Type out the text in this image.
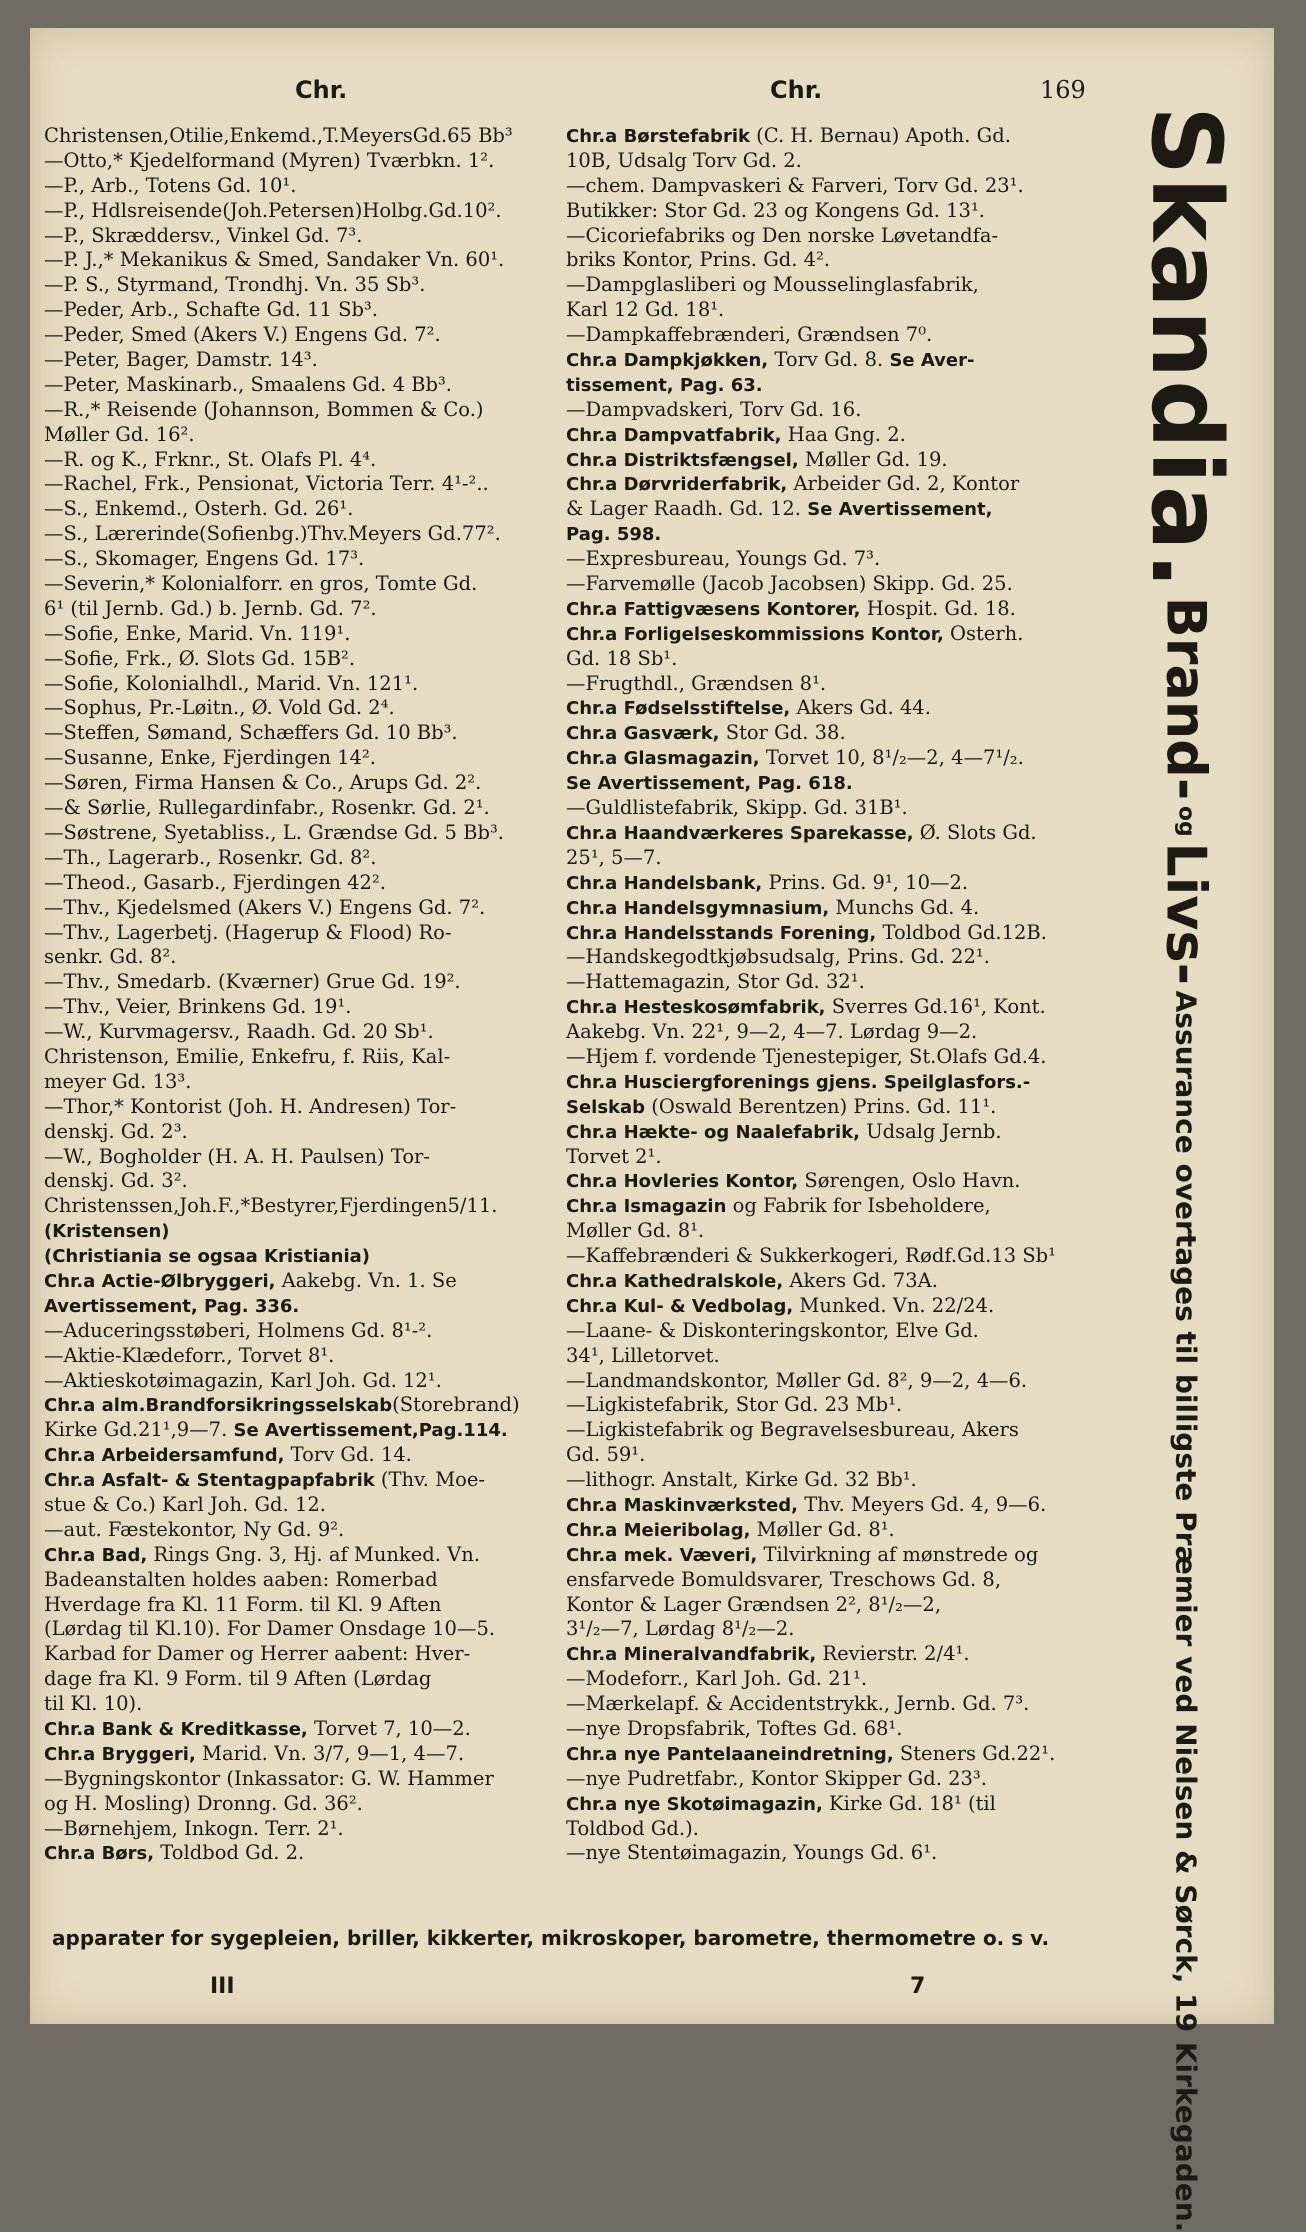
Chr.	Chr.	169
Christensen,Otilie,Enkemd.,T.MeyersGd.65 Bb³
—Otto,* Kjedelformand (Myren) Tværbkn. 1².
—P., Arb., Totens Gd. 10¹.
—P., Hdlsreisende(Joh.Petersen)Holbg.Gd.10².
—P., Skræddersv., Vinkel Gd. 7³.
—P. J.,* Mekanikus & Smed, Sandaker Vn. 60¹.
—P. S., Styrmand, Trondhj. Vn. 35 Sb³.
—Peder, Arb., Schafte Gd. 11 Sb³.
—Peder, Smed (Akers V.) Engens Gd. 7².
—Peter, Bager, Damstr. 14³.
—Peter, Maskinarb., Smaalens Gd. 4 Bb³.
—R.,* Reisende (Johannson, Bommen & Co.)
Møller Gd. 16².
—R. og K., Frknr., St. Olafs Pl. 4⁴.
—Rachel, Frk., Pensionat, Victoria Terr. 4¹-²..
—S., Enkemd., Osterh. Gd. 26¹.
—S., Lærerinde(Sofienbg.)Thv.Meyers Gd.77².
—S., Skomager, Engens Gd. 17³.
—Severin,* Kolonialforr. en gros, Tomte Gd.
6¹ (til Jernb. Gd.) b. Jernb. Gd. 7².
—Sofie, Enke, Marid. Vn. 119¹.
—Sofie, Frk., Ø. Slots Gd. 15B².
—Sofie, Kolonialhdl., Marid. Vn. 121¹.
—Sophus, Pr.-Løitn., Ø. Vold Gd. 2⁴.
—Steffen, Sømand, Schæffers Gd. 10 Bb³.
—Susanne, Enke, Fjerdingen 14².
—Søren, Firma Hansen & Co., Arups Gd. 2².
—& Sørlie, Rullegardinfabr., Rosenkr. Gd. 2¹.
—Søstrene, Syetabliss., L. Grændse Gd. 5 Bb³.
—Th., Lagerarb., Rosenkr. Gd. 8².
—Theod., Gasarb., Fjerdingen 42².
—Thv., Kjedelsmed (Akers V.) Engens Gd. 7².
—Thv., Lagerbetj. (Hagerup & Flood) Ro-
senkr. Gd. 8².
—Thv., Smedarb. (Kværner) Grue Gd. 19².
—Thv., Veier, Brinkens Gd. 19¹.
—W., Kurvmagersv., Raadh. Gd. 20 Sb¹.
Christenson, Emilie, Enkefru, f. Riis, Kal-
meyer Gd. 13³.
—Thor,* Kontorist (Joh. H. Andresen) Tor-
denskj. Gd. 2³.
—W., Bogholder (H. A. H. Paulsen) Tor-
denskj. Gd. 3².
Christenssen,Joh.F.,*Bestyrer,Fjerdingen5/11.
(Kristensen)
(Christiania se ogsaa Kristiania)
Chr.a Actie-Ølbryggeri, Aakebg. Vn. 1. Se
Avertissement, Pag. 336.
—Aduceringsstøberi, Holmens Gd. 8¹-².
—Aktie-Klædeforr., Torvet 8¹.
—Aktieskotøimagazin, Karl Joh. Gd. 12¹.
Chr.a alm.Brandforsikringsselskab(Storebrand)
Kirke Gd.21¹,9—7. Se Avertissement,Pag.114.
Chr.a Arbeidersamfund, Torv Gd. 14.
Chr.a Asfalt- & Stentagpapfabrik (Thv. Moe-
stue & Co.) Karl Joh. Gd. 12.
—aut. Fæstekontor, Ny Gd. 9².
Chr.a Bad, Rings Gng. 3, Hj. af Munked. Vn.
Badeanstalten holdes aaben: Romerbad
Hverdage fra Kl. 11 Form. til Kl. 9 Aften
(Lørdag til Kl.10). For Damer Onsdage 10—5.
Karbad for Damer og Herrer aabent: Hver-
dage fra Kl. 9 Form. til 9 Aften (Lørdag
til Kl. 10).
Chr.a Bank & Kreditkasse, Torvet 7, 10—2.
Chr.a Bryggeri, Marid. Vn. 3/7, 9—1, 4—7.
—Bygningskontor (Inkassator: G. W. Hammer
og H. Mosling) Dronng. Gd. 36².
—Børnehjem, Inkogn. Terr. 2¹.
Chr.a Børs, Toldbod Gd. 2.
Chr.a Børstefabrik (C. H. Bernau) Apoth. Gd.
10B, Udsalg Torv Gd. 2.
—chem. Dampvaskeri & Farveri, Torv Gd. 23¹.
Butikker: Stor Gd. 23 og Kongens Gd. 13¹.
—Cicoriefabriks og Den norske Løvetandfa-
briks Kontor, Prins. Gd. 4².
—Dampglasliberi og Mousselinglasfabrik,
Karl 12 Gd. 18¹.
—Dampkaffebrænderi, Grændsen 7⁰.
Chr.a Dampkjøkken, Torv Gd. 8. Se Aver-
tissement, Pag. 63.
—Dampvadskeri, Torv Gd. 16.
Chr.a Dampvatfabrik, Haa Gng. 2.
Chr.a Distriktsfængsel, Møller Gd. 19.
Chr.a Dørvriderfabrik, Arbeider Gd. 2, Kontor
& Lager Raadh. Gd. 12. Se Avertissement,
Pag. 598.
—Expresbureau, Youngs Gd. 7³.
—Farvemølle (Jacob Jacobsen) Skipp. Gd. 25.
Chr.a Fattigvæsens Kontorer, Hospit. Gd. 18.
Chr.a Forligelseskommissions Kontor, Osterh.
Gd. 18 Sb¹.
—Frugthdl., Grændsen 8¹.
Chr.a Fødselsstiftelse, Akers Gd. 44.
Chr.a Gasværk, Stor Gd. 38.
Chr.a Glasmagazin, Torvet 10, 8¹/₂—2, 4—7¹/₂.
Se Avertissement, Pag. 618.
—Guldlistefabrik, Skipp. Gd. 31B¹.
Chr.a Haandværkeres Sparekasse, Ø. Slots Gd.
25¹, 5—7.
Chr.a Handelsbank, Prins. Gd. 9¹, 10—2.
Chr.a Handelsgymnasium, Munchs Gd. 4.
Chr.a Handelsstands Forening, Toldbod Gd.12B.
—Handskegodtkjøbsudsalg, Prins. Gd. 22¹.
—Hattemagazin, Stor Gd. 32¹.
Chr.a Hesteskosømfabrik, Sverres Gd.16¹, Kont.
Aakebg. Vn. 22¹, 9—2, 4—7. Lørdag 9—2.
—Hjem f. vordende Tjenestepiger, St.Olafs Gd.4.
Chr.a Husciergforenings gjens. Speilglasfors.-
Selskab (Oswald Berentzen) Prins. Gd. 11¹.
Chr.a Hækte- og Naalefabrik, Udsalg Jernb.
Torvet 2¹.
Chr.a Hovleries Kontor, Sørengen, Oslo Havn.
Chr.a Ismagazin og Fabrik for Isbeholdere,
Møller Gd. 8¹.
—Kaffebrænderi & Sukkerkogeri, Rødf.Gd.13 Sb¹
Chr.a Kathedralskole, Akers Gd. 73A.
Chr.a Kul- & Vedbolag, Munked. Vn. 22/24.
—Laane- & Diskonteringskontor, Elve Gd.
34¹, Lilletorvet.
—Landmandskontor, Møller Gd. 8², 9—2, 4—6.
—Ligkistefabrik, Stor Gd. 23 Mb¹.
—Ligkistefabrik og Begravelsesbureau, Akers
Gd. 59¹.
—lithogr. Anstalt, Kirke Gd. 32 Bb¹.
Chr.a Maskinværksted, Thv. Meyers Gd. 4, 9—6.
Chr.a Meieribolag, Møller Gd. 8¹.
Chr.a mek. Væveri, Tilvirkning af mønstrede og
ensfarvede Bomuldsvarer, Treschows Gd. 8,
Kontor & Lager Grændsen 2², 8¹/₂—2,
3¹/₂—7, Lørdag 8¹/₂—2.
Chr.a Mineralvandfabrik, Revierstr. 2/4¹.
—Modeforr., Karl Joh. Gd. 21¹.
—Mærkelapf. & Accidentstrykk., Jernb. Gd. 7³.
—nye Dropsfabrik, Toftes Gd. 68¹.
Chr.a nye Pantelaaneindretning, Steners Gd.22¹.
—nye Pudretfabr., Kontor Skipper Gd. 23³.
Chr.a nye Skotøimagazin, Kirke Gd. 18¹ (til
Toldbod Gd.).
—nye Stentøimagazin, Youngs Gd. 6¹.
Skandia. Brand- og Livs- Assurance overtages til billigste Præmier ved Nielsen & Sørck, 19 Kirkegaden.
apparater for sygepleien, briller, kikkerter, mikroskoper, barometre, thermometre o. s v.
III	7
